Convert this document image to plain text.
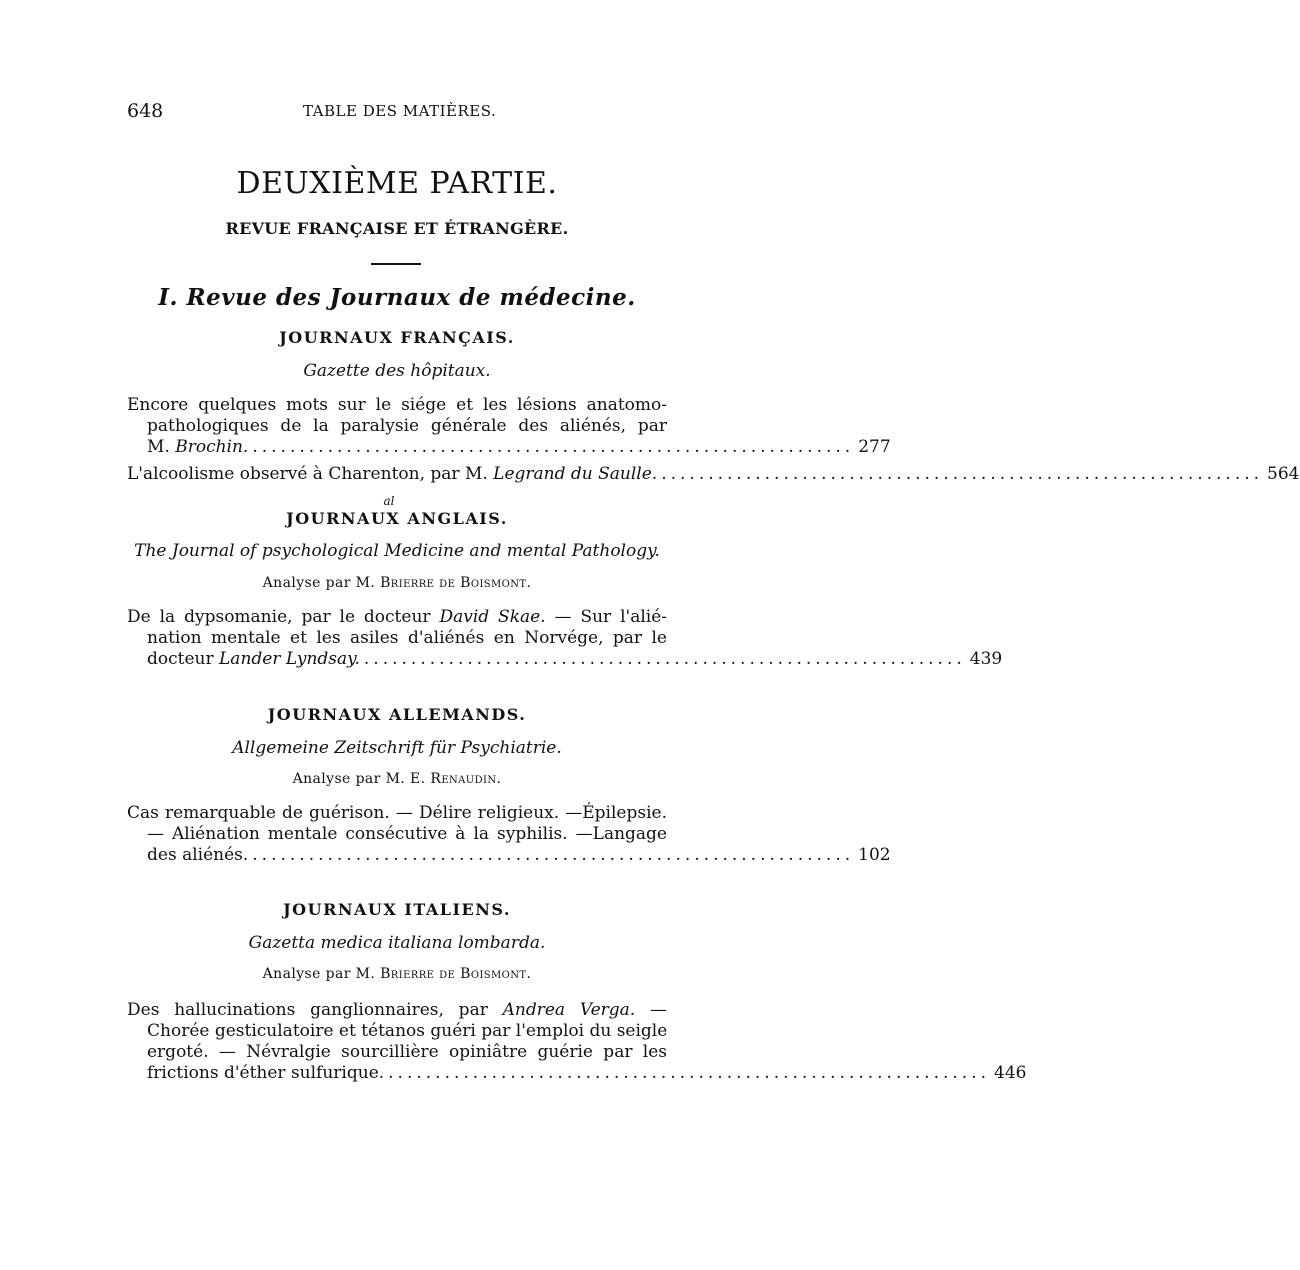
648	TABLE DES MATIÈRES.
DEUXIÈME PARTIE.
REVUE FRANÇAISE ET ÉTRANGÈRE.
I. Revue des Journaux de médecine.
JOURNAUX FRANÇAIS.
Gazette des hôpitaux.
Encore quelques mots sur le siége et les lésions anatomo-
pathologiques de la paralysie générale des aliénés, par
M. Brochin. ................................................................ 277
L'alcoolisme observé à Charenton, par M. Legrand du Saulle. ................................................................ 564
al
JOURNAUX ANGLAIS.
The Journal of psychological Medicine and mental Pathology.
Analyse par M. Brierre de Boismont.
De la dypsomanie, par le docteur David Skae. — Sur l'alié-
nation mentale et les asiles d'aliénés en Norvége, par le
docteur Lander Lyndsay. ................................................................ 439
JOURNAUX ALLEMANDS.
Allgemeine Zeitschrift für Psychiatrie.
Analyse par M. E. Renaudin.
Cas remarquable de guérison. — Délire religieux. —Épilepsie.
— Aliénation mentale consécutive à la syphilis. —Langage
des aliénés. ................................................................ 102
JOURNAUX ITALIENS.
Gazetta medica italiana lombarda.
Analyse par M. Brierre de Boismont.
Des hallucinations ganglionnaires, par Andrea Verga. —
Chorée gesticulatoire et tétanos guéri par l'emploi du seigle
ergoté. — Névralgie sourcillière opiniâtre guérie par les
frictions d'éther sulfurique. ................................................................ 446
